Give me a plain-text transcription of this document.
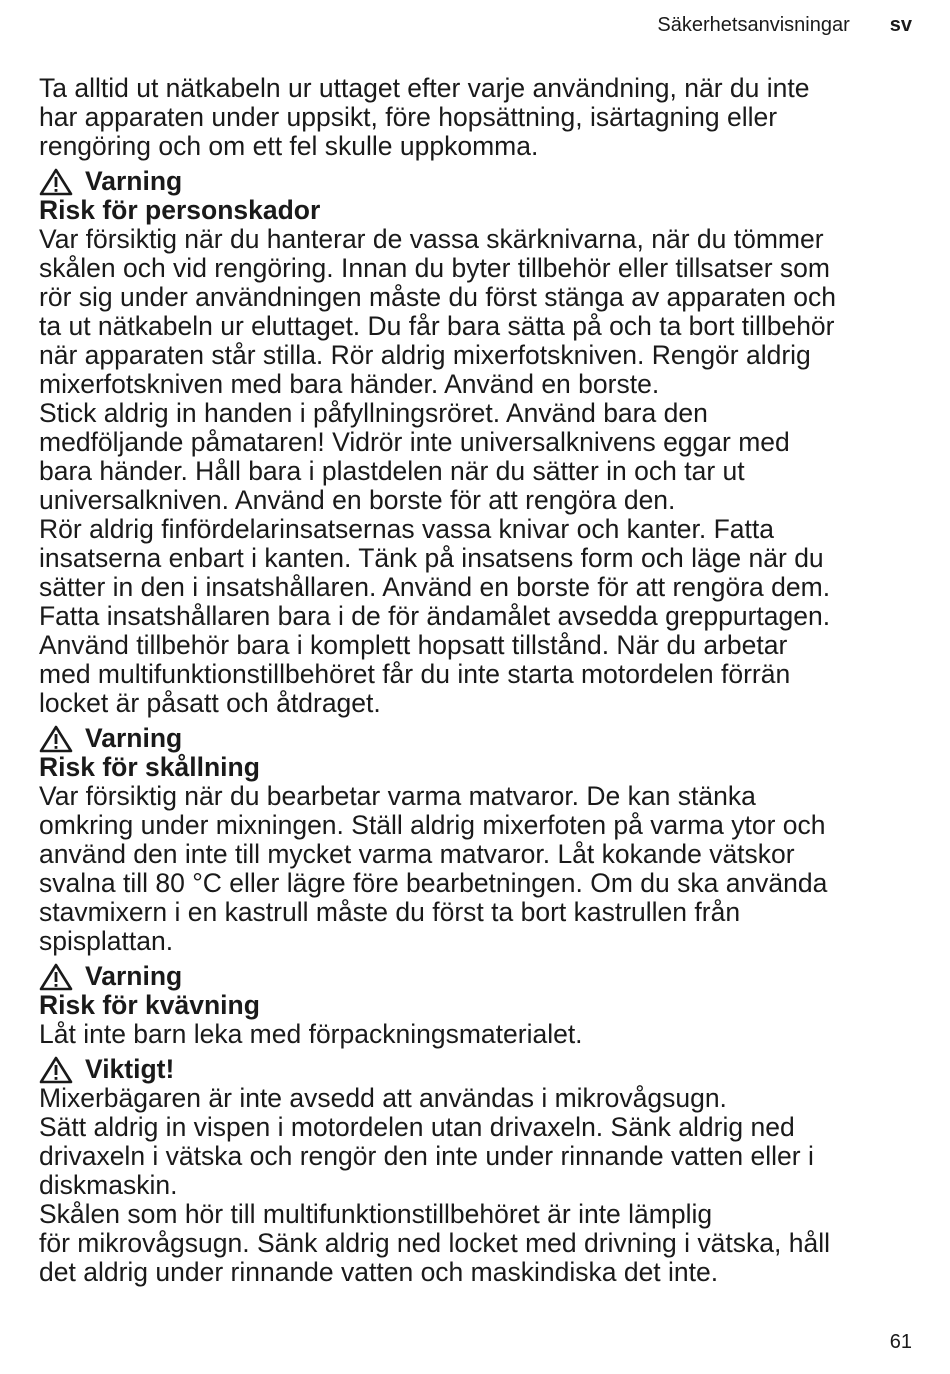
Säkerhetsanvisningar sv

Ta alltid ut nätkabeln ur uttaget efter varje användning, när du inte
har apparaten under uppsikt, före hopsättning, isärtagning eller
rengöring och om ett fel skulle uppkomma.

Varning
Risk för personskador
Var försiktig när du hanterar de vassa skärknivarna, när du tömmer
skålen och vid rengöring. Innan du byter tillbehör eller tillsatser som
rör sig under användningen måste du först stänga av apparaten och
ta ut nätkabeln ur eluttaget. Du får bara sätta på och ta bort tillbehör
när apparaten står stilla. Rör aldrig mixerfotskniven. Rengör aldrig
mixerfotskniven med bara händer. Använd en borste.
Stick aldrig in handen i påfyllningsröret. Använd bara den
medföljande påmataren! Vidrör inte universalknivens eggar med
bara händer. Håll bara i plastdelen när du sätter in och tar ut
universalkniven. Använd en borste för att rengöra den.
Rör aldrig finfördelarinsatsernas vassa knivar och kanter. Fatta
insatserna enbart i kanten. Tänk på insatsens form och läge när du
sätter in den i insatshållaren. Använd en borste för att rengöra dem.
Fatta insatshållaren bara i de för ändamålet avsedda greppurtagen.
Använd tillbehör bara i komplett hopsatt tillstånd. När du arbetar
med multifunktionstillbehöret får du inte starta motordelen förrän
locket är påsatt och åtdraget.
Varning
Risk för skållning
Var försiktig när du bearbetar varma matvaror. De kan stänka
omkring under mixningen. Ställ aldrig mixerfoten på varma ytor och
använd den inte till mycket varma matvaror. Låt kokande vätskor
svalna till 80 °C eller lägre före bearbetningen. Om du ska använda
stavmixern i en kastrull måste du först ta bort kastrullen från
spisplattan.
Varning
Risk för kvävning
Låt inte barn leka med förpackningsmaterialet.
Viktigt!
Mixerbägaren är inte avsedd att användas i mikrovågsugn.
Sätt aldrig in vispen i motordelen utan drivaxeln. Sänk aldrig ned
drivaxeln i vätska och rengör den inte under rinnande vatten eller i
diskmaskin.
Skålen som hör till multifunktionstillbehöret är inte lämplig
för mikrovågsugn. Sänk aldrig ned locket med drivning i vätska, håll
det aldrig under rinnande vatten och maskindiska det inte.
61
